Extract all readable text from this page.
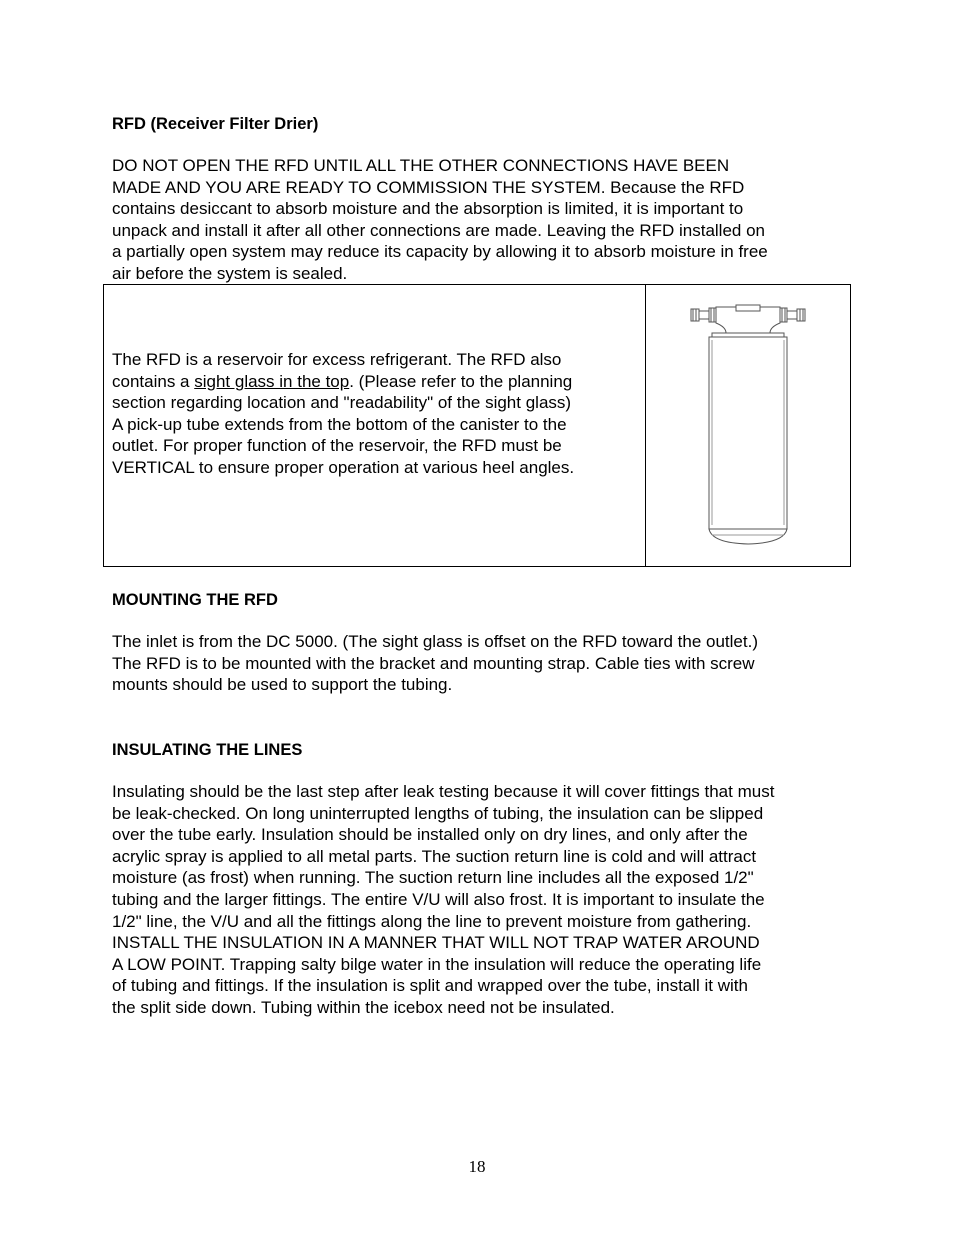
RFD (Receiver Filter Drier)
DO NOT OPEN THE RFD UNTIL ALL THE OTHER CONNECTIONS HAVE BEEN
MADE AND YOU ARE READY TO COMMISSION THE SYSTEM. Because the RFD
contains desiccant to absorb moisture and the absorption is limited, it is important to
unpack and install it after all other connections are made. Leaving the RFD installed on
a partially open system may reduce its capacity by allowing it to absorb moisture in free
air before the system is sealed.
The RFD is a reservoir for excess refrigerant. The RFD also
contains a sight glass in the top. (Please refer to the planning
section regarding location and "readability" of the sight glass)
A pick-up tube extends from the bottom of the canister to the
outlet. For proper function of the reservoir, the RFD must be
VERTICAL to ensure proper operation at various heel angles.
MOUNTING THE RFD
The inlet is from the DC 5000. (The sight glass is offset on the RFD toward the outlet.)
The RFD is to be mounted with the bracket and mounting strap. Cable ties with screw
mounts should be used to support the tubing.
INSULATING THE LINES
Insulating should be the last step after leak testing because it will cover fittings that must
be leak-checked. On long uninterrupted lengths of tubing, the insulation can be slipped
over the tube early. Insulation should be installed only on dry lines, and only after the
acrylic spray is applied to all metal parts. The suction return line is cold and will attract
moisture (as frost) when running. The suction return line includes all the exposed 1/2"
tubing and the larger fittings. The entire V/U will also frost. It is important to insulate the
1/2" line, the V/U and all the fittings along the line to prevent moisture from gathering.
INSTALL THE INSULATION IN A MANNER THAT WILL NOT TRAP WATER AROUND
A LOW POINT. Trapping salty bilge water in the insulation will reduce the operating life
of tubing and fittings. If the insulation is split and wrapped over the tube, install it with
the split side down. Tubing within the icebox need not be insulated.
18
